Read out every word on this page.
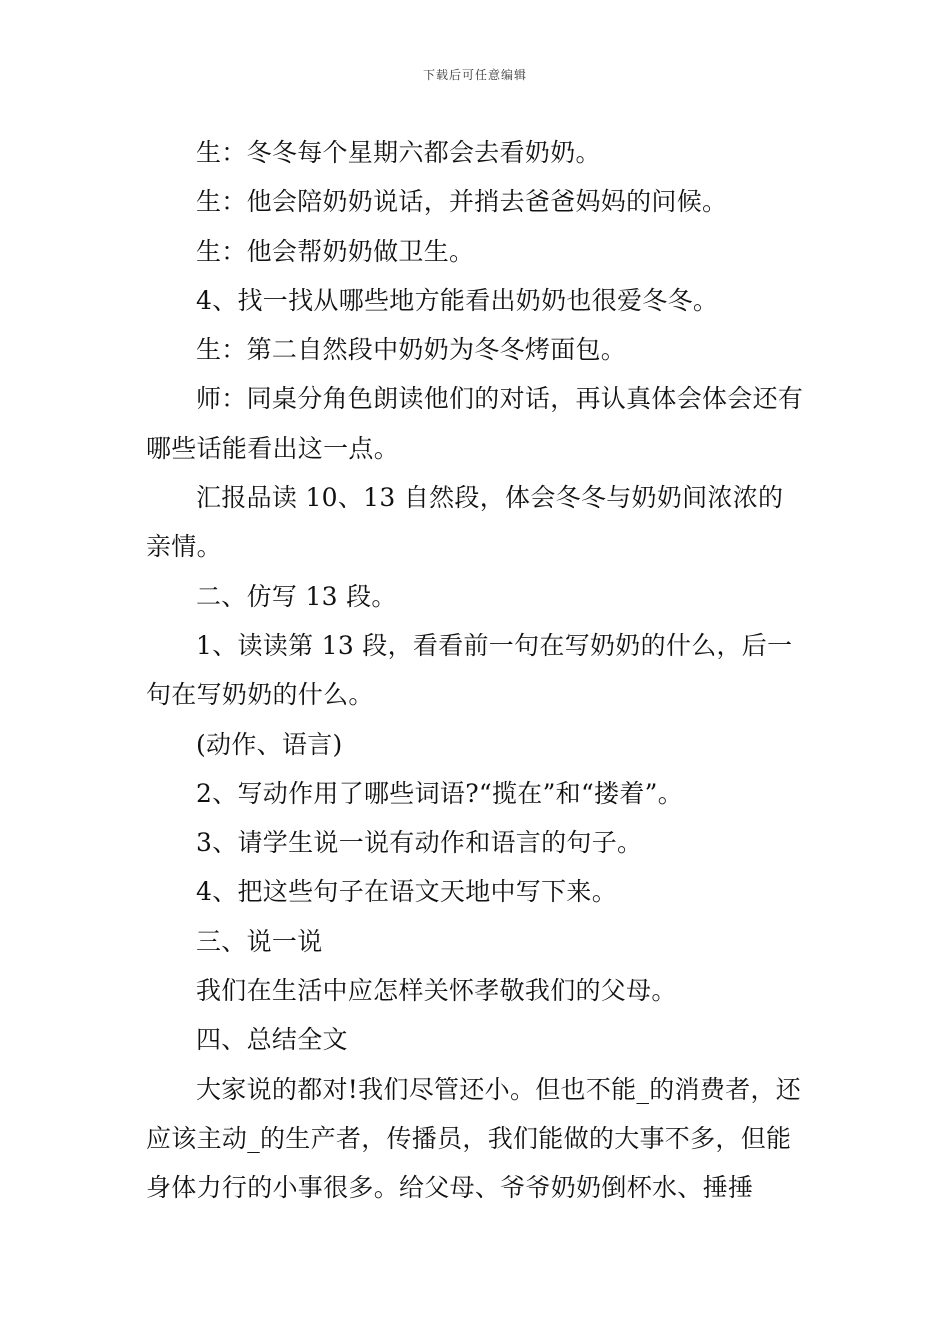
下载后可任意编辑

生：冬冬每个星期六都会去看奶奶。

生：他会陪奶奶说话，并捎去爸爸妈妈的问候。

生：他会帮奶奶做卫生。

4、找一找从哪些地方能看出奶奶也很爱冬冬。

生：第二自然段中奶奶为冬冬烤面包。

师：同桌分角色朗读他们的对话，再认真体会体会还有哪些话能看出这一点。

汇报品读 10、13 自然段，体会冬冬与奶奶间浓浓的亲情。

二、仿写 13 段。

1、读读第 13 段，看看前一句在写奶奶的什么，后一句在写奶奶的什么。

(动作、语言)

2、写动作用了哪些词语?“揽在”和“搂着”。

3、请学生说一说有动作和语言的句子。

4、把这些句子在语文天地中写下来。

三、说一说

我们在生活中应怎样关怀孝敬我们的父母。

四、总结全文

大家说的都对!我们尽管还小。但也不能_的消费者，还应该主动_的生产者，传播员，我们能做的大事不多，但能身体力行的小事很多。给父母、爷爷奶奶倒杯水、捶捶
